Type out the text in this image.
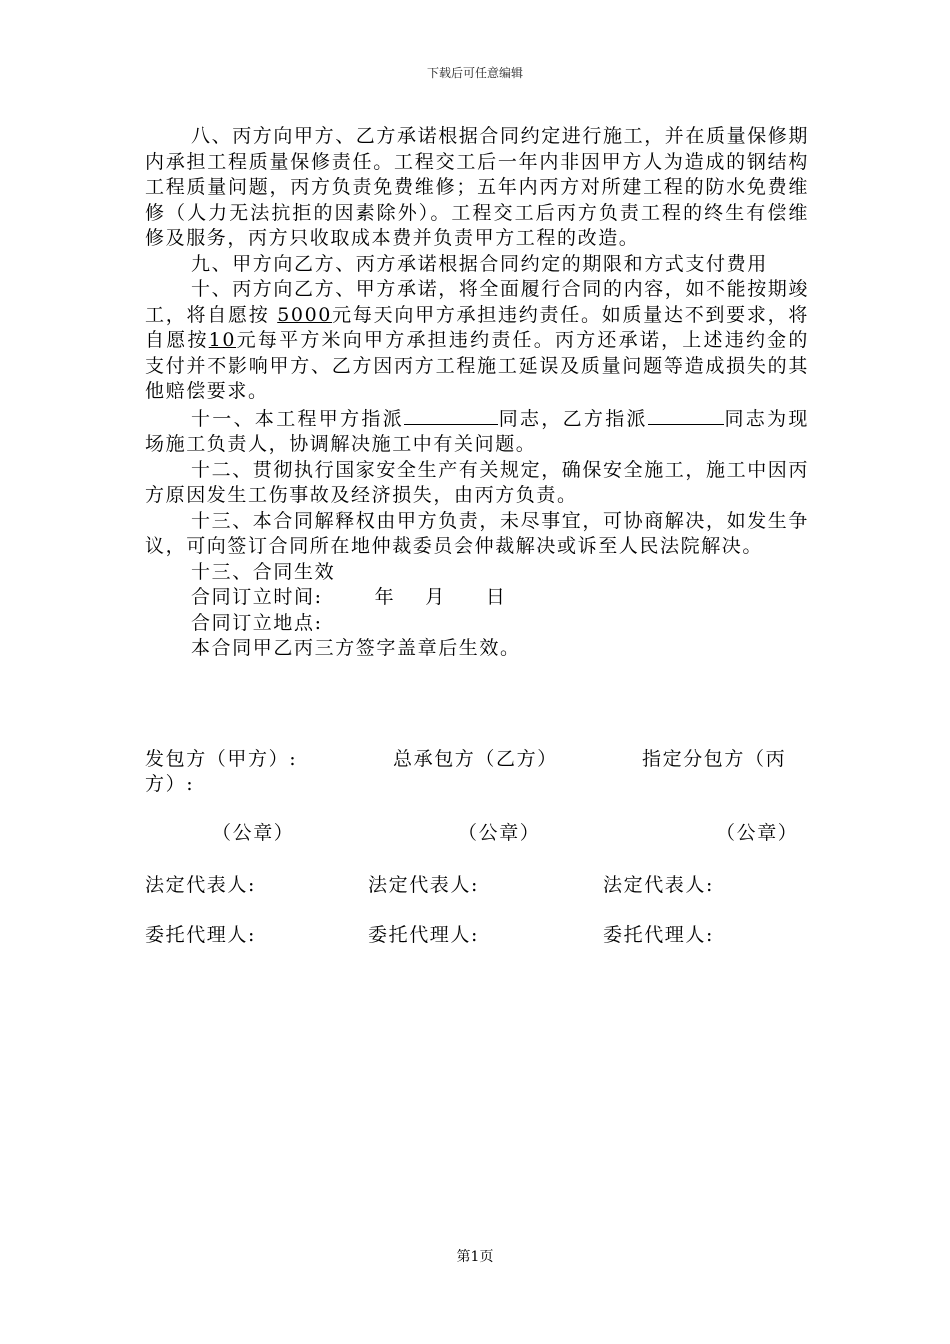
下载后可任意编辑

八、丙方向甲方、乙方承诺根据合同约定进行施工，并在质量保修期内承担工程质量保修责任。工程交工后一年内非因甲方人为造成的钢结构工程质量问题，丙方负责免费维修；五年内丙方对所建工程的防水免费维修（人力无法抗拒的因素除外）。工程交工后丙方负责工程的终生有偿维修及服务，丙方只收取成本费并负责甲方工程的改造。

九、甲方向乙方、丙方承诺根据合同约定的期限和方式支付费用

十、丙方向乙方、甲方承诺，将全面履行合同的内容，如不能按期竣工，将自愿按 5000元每天向甲方承担违约责任。如质量达不到要求，将自愿按10元每平方米向甲方承担违约责任。丙方还承诺，上述违约金的支付并不影响甲方、乙方因丙方工程施工延误及质量问题等造成损失的其他赔偿要求。

十一、本工程甲方指派	同志，乙方指派	同志为现场施工负责人，协调解决施工中有关问题。

十二、贯彻执行国家安全生产有关规定，确保安全施工，施工中因丙方原因发生工伤事故及经济损失，由丙方负责。

十三、本合同解释权由甲方负责，未尽事宜，可协商解决，如发生争议，可向签订合同所在地仲裁委员会仲裁解决或诉至人民法院解决。

十三、合同生效

合同订立时间:	年 月 日

合同订立地点:

本合同甲乙丙三方签字盖章后生效。

发包方（甲方）:	总承包方（乙方）	指定分包方（丙
方）:
（公章）	（公章）	（公章）
法定代表人:	法定代表人:	法定代表人:
委托代理人:	委托代理人:	委托代理人:
第1页
